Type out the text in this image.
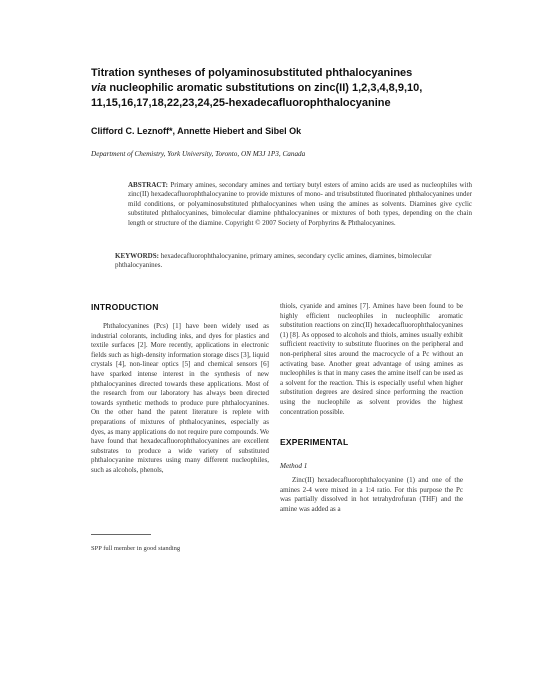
Titration syntheses of polyaminosubstituted phthalocyanines
via nucleophilic aromatic substitutions on zinc(II) 1,2,3,4,8,9,10,
11,15,16,17,18,22,23,24,25-hexadecafluorophthalocyanine
Clifford C. Leznoff*, Annette Hiebert and Sibel Ok
Department of Chemistry, York University, Toronto, ON M3J 1P3, Canada
ABSTRACT: Primary amines, secondary amines and tertiary butyl esters of amino acids are used as nucleophiles with zinc(II) hexadecafluorophthalocyanine to provide mixtures of mono- and trisubstituted fluorinated phthalocyanines under mild conditions, or polyaminosubstituted phthalocyanines when using the amines as solvents. Diamines give cyclic substituted phthalocyanines, bimolecular diamine phthalocyanines or mixtures of both types, depending on the chain length or structure of the diamine. Copyright © 2007 Society of Porphyrins & Phthalocyanines.
KEYWORDS: hexadecafluorophthalocyanine, primary amines, secondary cyclic amines, diamines, bimolecular phthalocyanines.
INTRODUCTION

Phthalocyanines (Pcs) [1] have been widely used as industrial colorants, including inks, and dyes for plastics and textile surfaces [2]. More recently, applications in electronic fields such as high-density information storage discs [3], liquid crystals [4], non-linear optics [5] and chemical sensors [6] have sparked intense interest in the synthesis of new phthalocyanines directed towards these applications. Most of the research from our laboratory has always been directed towards synthetic methods to produce pure phthalocyanines. On the other hand the patent literature is replete with preparations of mixtures of phthalocyanines, especially as dyes, as many applications do not require pure compounds. We have found that hexadecafluorophthalocyanines are excellent substrates to produce a wide variety of substituted phthalocyanine mixtures using many different nucleophiles, such as alcohols, phenols,

SPP full member in good standing

thiols, cyanide and amines [7]. Amines have been found to be highly efficient nucleophiles in nucleophilic aromatic substitution reactions on zinc(II) hexadecafluorophthalocyanines (1) [8]. As opposed to alcohols and thiols, amines usually exhibit sufficient reactivity to substitute fluorines on the peripheral and non-peripheral sites around the macrocycle of a Pc without an activating base. Another great advantage of using amines as nucleophiles is that in many cases the amine itself can be used as a solvent for the reaction. This is especially useful when higher substitution degrees are desired since performing the reaction using the nucleophile as solvent provides the highest concentration possible.

EXPERIMENTAL
Method 1

Zinc(II) hexadecafluorophthalocyanine (1) and one of the amines 2-4 were mixed in a 1:4 ratio. For this purpose the Pc was partially dissolved in hot tetrahydrofuran (THF) and the amine was added as a
